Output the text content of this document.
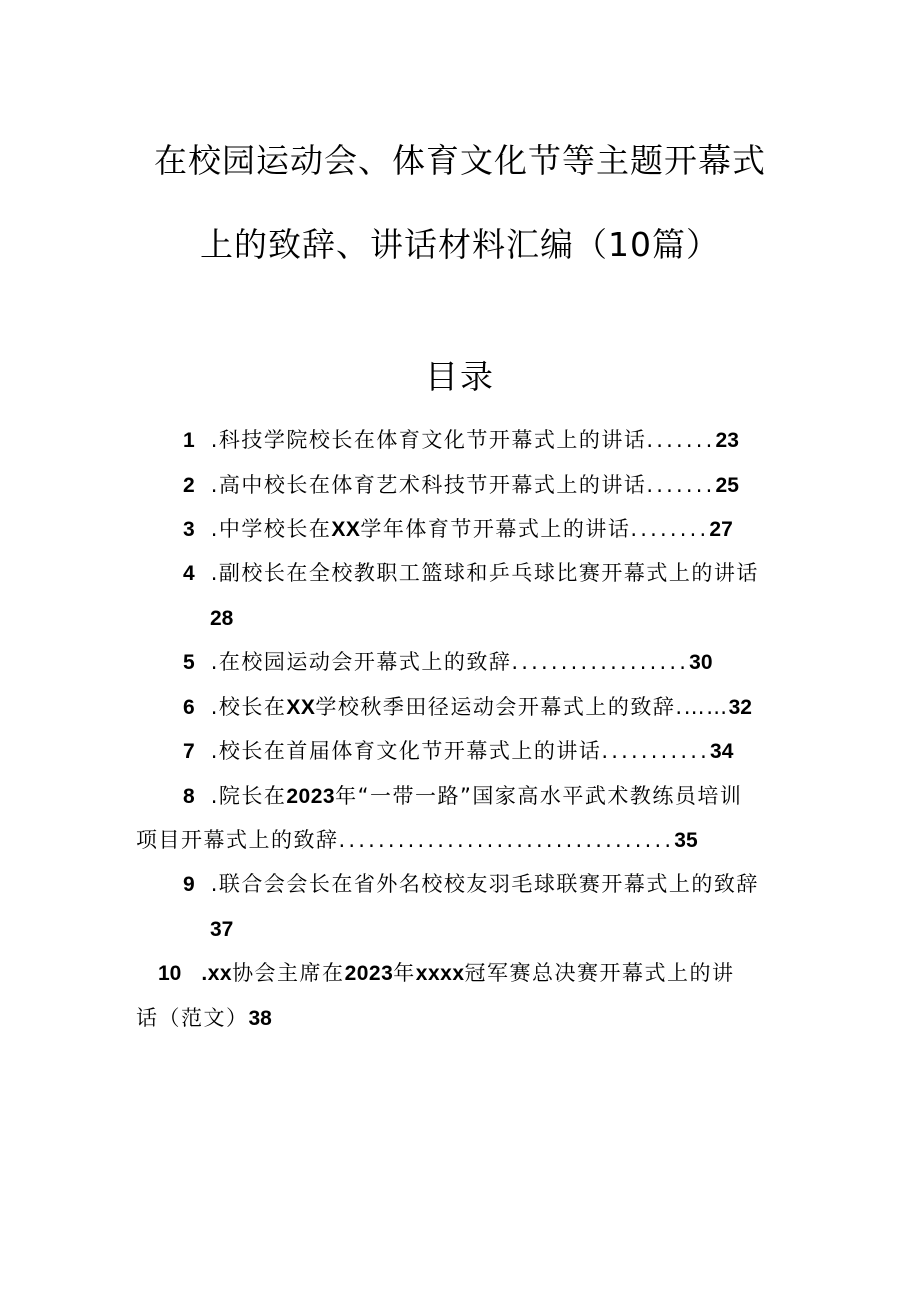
在校园运动会、体育文化节等主题开幕式
上的致辞、讲话材料汇编（10篇）
目录
1 .科技学院校长在体育文化节开幕式上的讲话.......23
2 .高中校长在体育艺术科技节开幕式上的讲话.......25
3 .中学校长在XX学年体育节开幕式上的讲话........27
4 .副校长在全校教职工篮球和乒乓球比赛开幕式上的讲话
28
5 .在校园运动会开幕式上的致辞..................30
6 .校长在XX学校秋季田径运动会开幕式上的致辞.……32
7 .校长在首届体育文化节开幕式上的讲话...........34
8 .院长在2023年“一带一路”国家高水平武术教练员培训
项目开幕式上的致辞..................................35
9 .联合会会长在省外名校校友羽毛球联赛开幕式上的致辞
37
10 .xx协会主席在2023年xxxx冠军赛总决赛开幕式上的讲
话（范文）38
